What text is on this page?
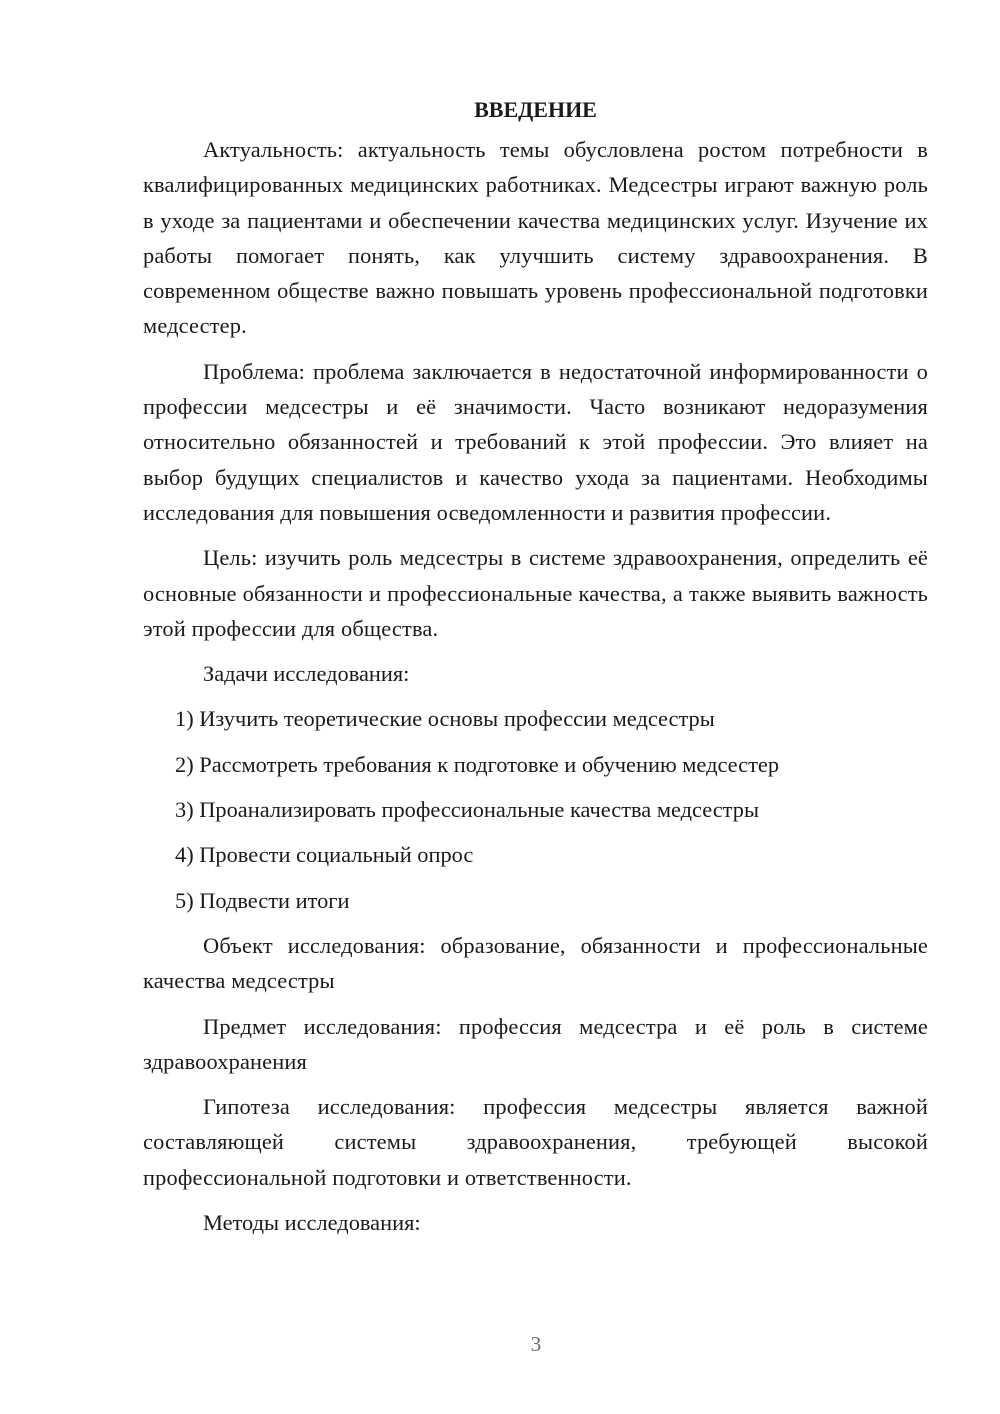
ВВЕДЕНИЕ

Актуальность: актуальность темы обусловлена ростом потребности в квалифицированных медицинских работниках. Медсестры играют важную роль в уходе за пациентами и обеспечении качества медицинских услуг. Изучение их работы помогает понять, как улучшить систему здравоохранения. В современном обществе важно повышать уровень профессиональной подготовки медсестер.

Проблема: проблема заключается в недостаточной информированности о профессии медсестры и её значимости. Часто возникают недоразумения относительно обязанностей и требований к этой профессии. Это влияет на выбор будущих специалистов и качество ухода за пациентами. Необходимы исследования для повышения осведомленности и развития профессии.

Цель: изучить роль медсестры в системе здравоохранения, определить её основные обязанности и профессиональные качества, а также выявить важность этой профессии для общества.

Задачи исследования:

1) Изучить теоретические основы профессии медсестры
2) Рассмотреть требования к подготовке и обучению медсестер
3) Проанализировать профессиональные качества медсестры
4) Провести социальный опрос
5) Подвести итоги

Объект исследования: образование, обязанности и профессиональные качества медсестры

Предмет исследования: профессия медсестра и её роль в системе здравоохранения

Гипотеза исследования: профессия медсестры является важной составляющей системы здравоохранения, требующей высокой профессиональной подготовки и ответственности.

Методы исследования:

3
